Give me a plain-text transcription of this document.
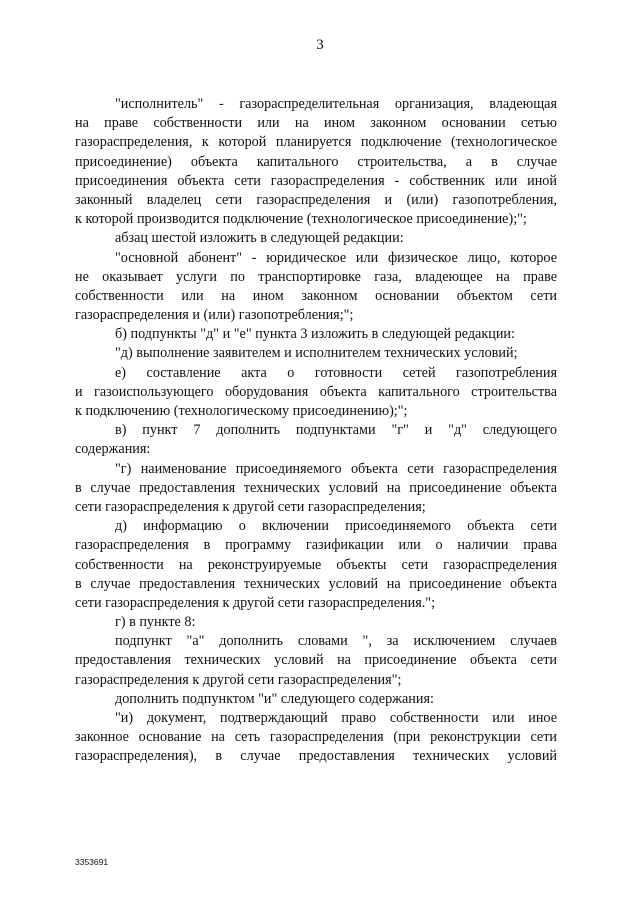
3
"исполнитель" - газораспределительная организация, владеющая
на праве собственности или на ином законном основании сетью
газораспределения, к которой планируется подключение (технологическое
присоединение) объекта капитального строительства, а в случае
присоединения объекта сети газораспределения - собственник или иной
законный владелец сети газораспределения и (или) газопотребления,
к которой производится подключение (технологическое присоединение);";
абзац шестой изложить в следующей редакции:
"основной абонент" - юридическое или физическое лицо, которое
не оказывает услуги по транспортировке газа, владеющее на праве
собственности или на ином законном основании объектом сети
газораспределения и (или) газопотребления;";
б) подпункты "д" и "е" пункта 3 изложить в следующей редакции:
"д) выполнение заявителем и исполнителем технических условий;
е) составление акта о готовности сетей газопотребления
и газоиспользующего оборудования объекта капитального строительства
к подключению (технологическому присоединению);";
в) пункт 7 дополнить подпунктами "г" и "д" следующего
содержания:
"г) наименование присоединяемого объекта сети газораспределения
в случае предоставления технических условий на присоединение объекта
сети газораспределения к другой сети газораспределения;
д) информацию о включении присоединяемого объекта сети
газораспределения в программу газификации или о наличии права
собственности на реконструируемые объекты сети газораспределения
в случае предоставления технических условий на присоединение объекта
сети газораспределения к другой сети газораспределения.";
г) в пункте 8:
подпункт "а" дополнить словами ", за исключением случаев
предоставления технических условий на присоединение объекта сети
газораспределения к другой сети газораспределения";
дополнить подпунктом "и" следующего содержания:
"и) документ, подтверждающий право собственности или иное
законное основание на сеть газораспределения (при реконструкции сети
газораспределения), в случае предоставления технических условий
3353691
